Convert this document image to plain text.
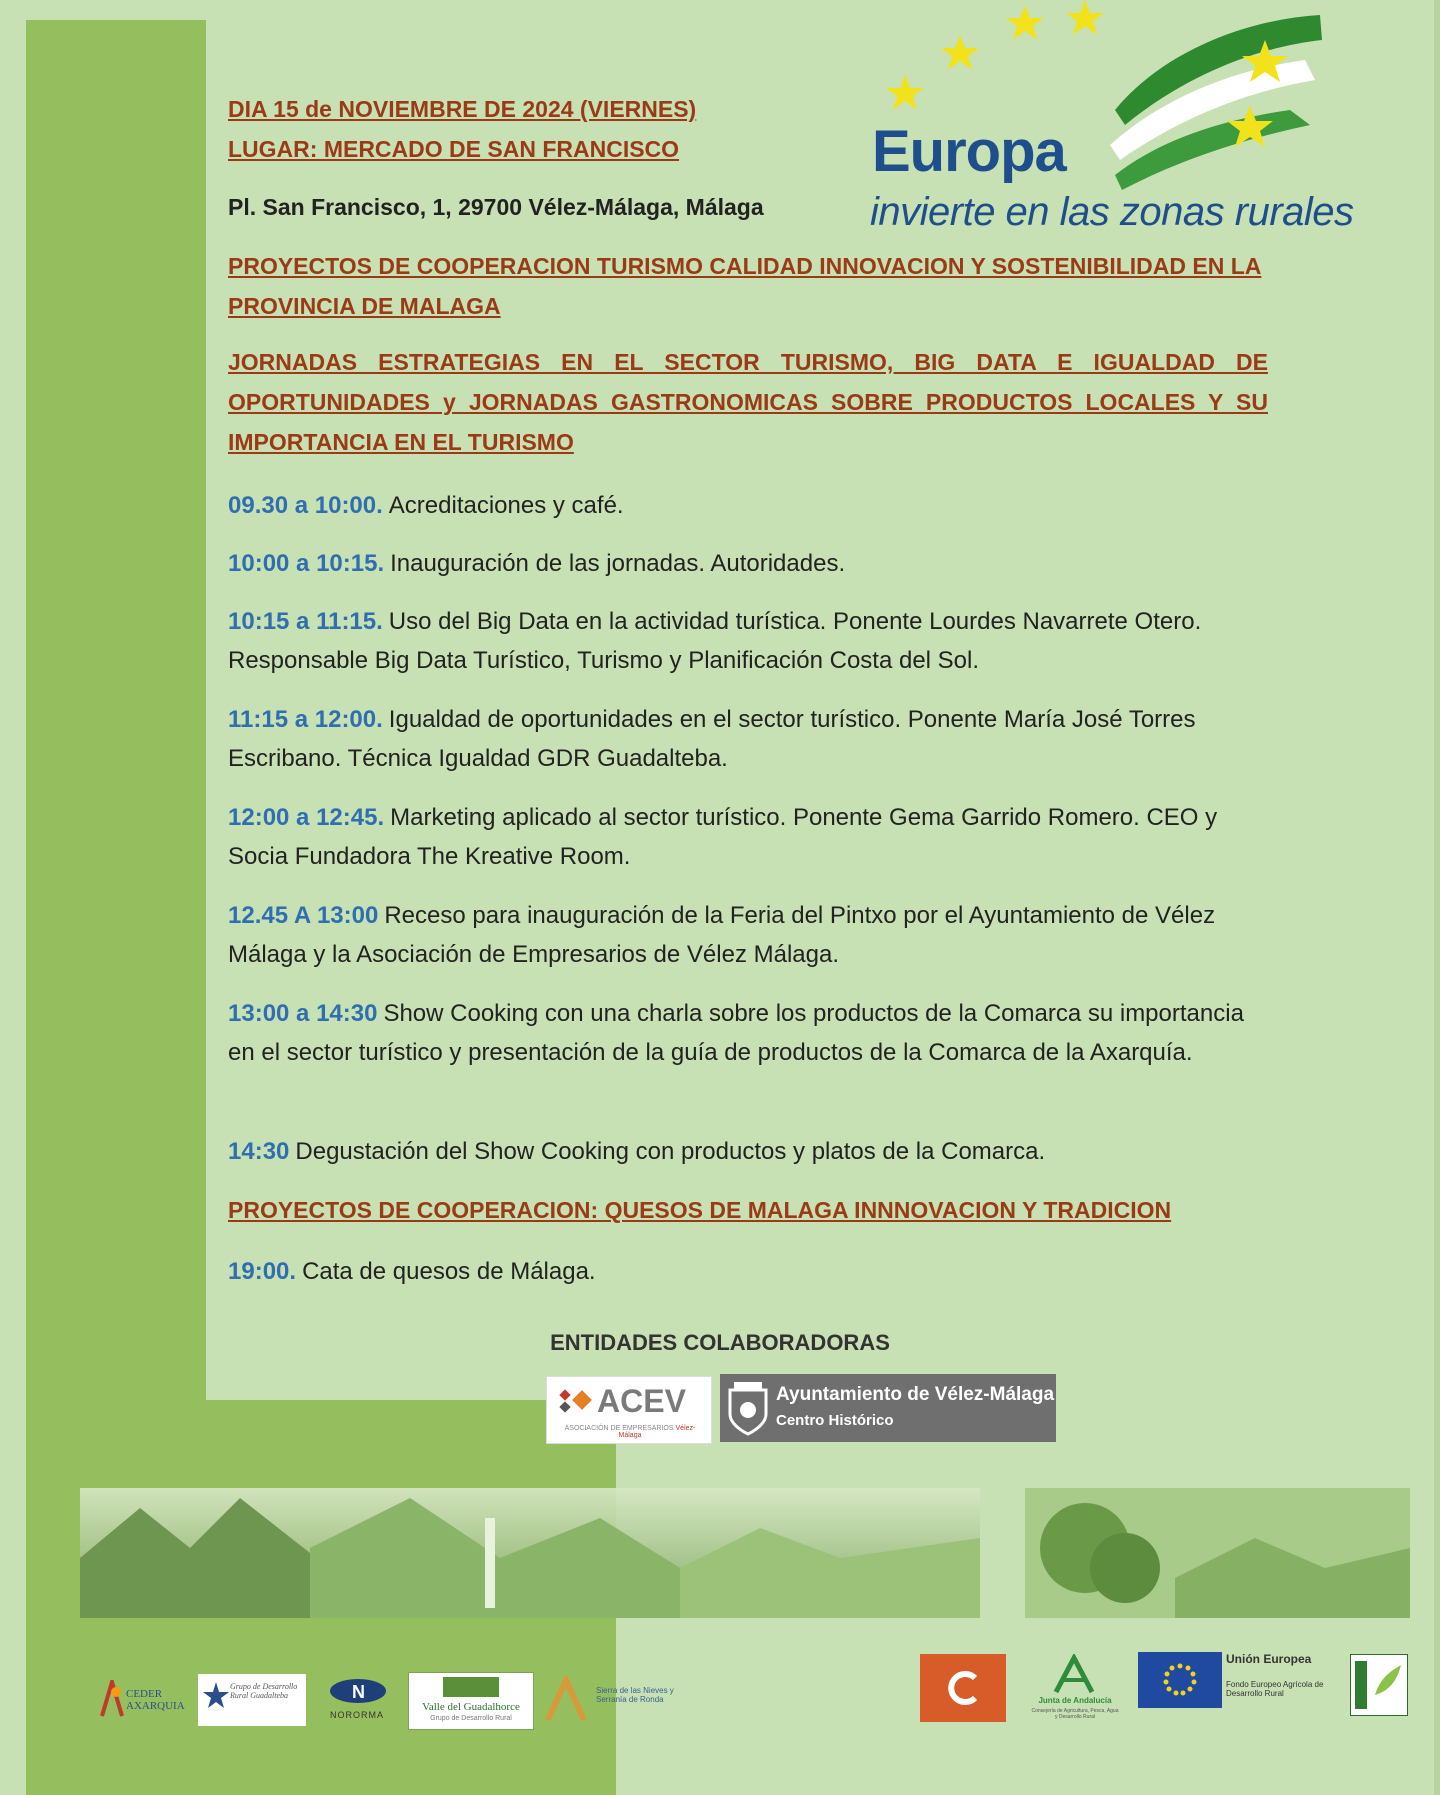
DIA 15 de NOVIEMBRE DE 2024 (VIERNES)
LUGAR: MERCADO DE SAN FRANCISCO
Pl. San Francisco, 1, 29700 Vélez-Málaga, Málaga
Europa
invierte en las zonas rurales
PROYECTOS DE COOPERACION TURISMO CALIDAD INNOVACION Y SOSTENIBILIDAD EN LA PROVINCIA DE MALAGA
JORNADAS ESTRATEGIAS EN EL SECTOR TURISMO, BIG DATA E IGUALDAD DE OPORTUNIDADES y JORNADAS GASTRONOMICAS SOBRE PRODUCTOS LOCALES Y SU IMPORTANCIA EN EL TURISMO
09.30 a 10:00. Acreditaciones y café.
10:00 a 10:15. Inauguración de las jornadas. Autoridades.
10:15 a 11:15. Uso del Big Data en la actividad turística. Ponente Lourdes Navarrete Otero. Responsable Big Data Turístico, Turismo y Planificación Costa del Sol.
11:15 a 12:00. Igualdad de oportunidades en el sector turístico. Ponente María José Torres Escribano. Técnica Igualdad GDR Guadalteba.
12:00 a 12:45. Marketing aplicado al sector turístico. Ponente Gema Garrido Romero. CEO y Socia Fundadora The Kreative Room.
12.45 A 13:00 Receso para inauguración de la Feria del Pintxo por el Ayuntamiento de Vélez Málaga y la Asociación de Empresarios de Vélez Málaga.
13:00 a 14:30 Show Cooking con una charla sobre los productos de la Comarca su importancia en el sector turístico y presentación de la guía de productos de la Comarca de la Axarquía.
14:30 Degustación del Show Cooking con productos y platos de la Comarca.
PROYECTOS DE COOPERACION: QUESOS DE MALAGA INNNOVACION Y TRADICION
19:00. Cata de quesos de Málaga.
ENTIDADES COLABORADORAS
ACEV
ASOCIACIÓN DE EMPRESARIOS Vélez-Málaga
Ayuntamiento de Vélez-Málaga
Centro Histórico
CEDER AXARQUIA
Grupo de Desarrollo Rural Guadalteba	N
NORORMA
Valle del Guadalhorce
Grupo de Desarrollo Rural
Sierra de las Nieves y Serranía de Ronda	Junta de Andalucía
Consejería de Agricultura, Pesca, Agua y Desarrollo Rural
Unión Europea
Fondo Europeo Agrícola de Desarrollo Rural
